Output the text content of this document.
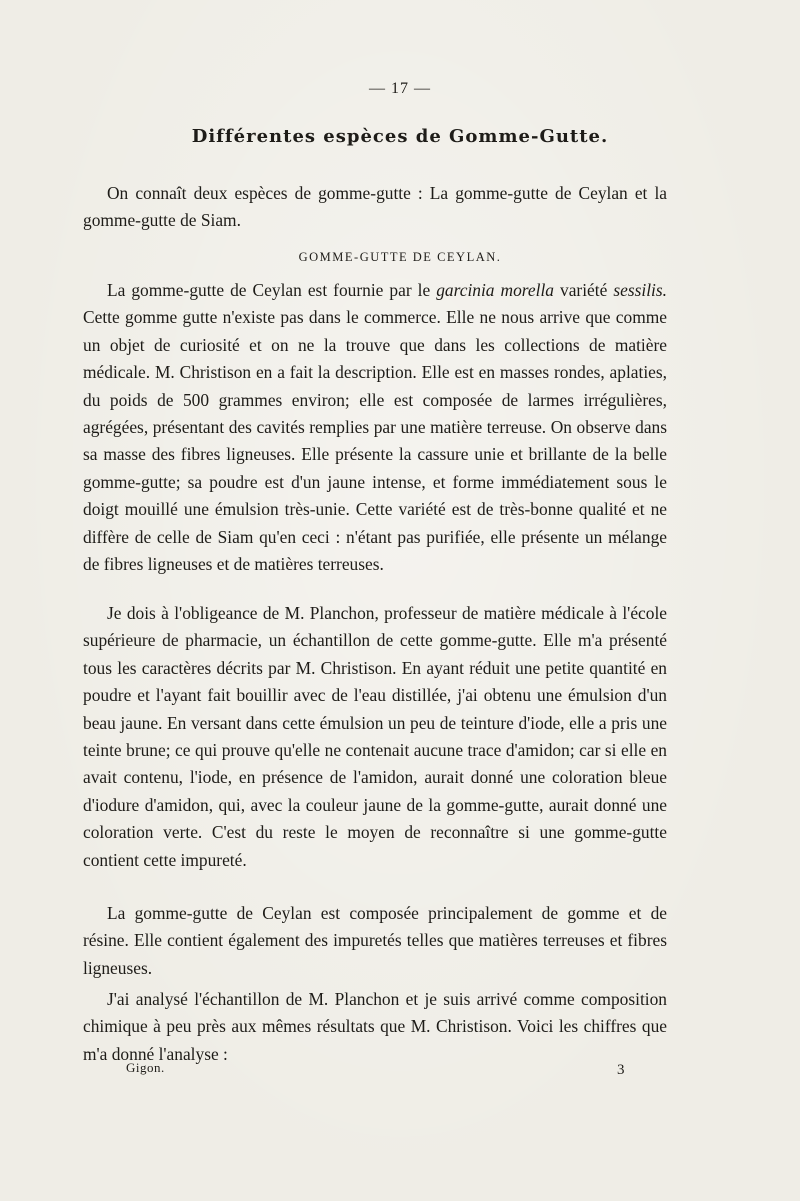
— 17 —
Différentes espèces de Gomme-Gutte.

On connaît deux espèces de gomme-gutte : La gomme-gutte de Ceylan et la gomme-gutte de Siam.

GOMME-GUTTE DE CEYLAN.

La gomme-gutte de Ceylan est fournie par le garcinia morella variété sessilis. Cette gomme gutte n'existe pas dans le commerce. Elle ne nous arrive que comme un objet de curiosité et on ne la trouve que dans les collections de matière médicale. M. Christison en a fait la description. Elle est en masses rondes, aplaties, du poids de 500 grammes environ; elle est composée de larmes irrégulières, agrégées, présentant des cavités remplies par une matière terreuse. On observe dans sa masse des fibres ligneuses. Elle présente la cassure unie et brillante de la belle gomme-gutte; sa poudre est d'un jaune intense, et forme immédiatement sous le doigt mouillé une émulsion très-unie. Cette variété est de très-bonne qualité et ne diffère de celle de Siam qu'en ceci : n'étant pas purifiée, elle présente un mélange de fibres ligneuses et de matières terreuses.

Je dois à l'obligeance de M. Planchon, professeur de matière médicale à l'école supérieure de pharmacie, un échantillon de cette gomme-gutte. Elle m'a présenté tous les caractères décrits par M. Christison. En ayant réduit une petite quantité en poudre et l'ayant fait bouillir avec de l'eau distillée, j'ai obtenu une émulsion d'un beau jaune. En versant dans cette émulsion un peu de teinture d'iode, elle a pris une teinte brune; ce qui prouve qu'elle ne contenait aucune trace d'amidon; car si elle en avait contenu, l'iode, en présence de l'amidon, aurait donné une coloration bleue d'iodure d'amidon, qui, avec la couleur jaune de la gomme-gutte, aurait donné une coloration verte. C'est du reste le moyen de reconnaître si une gomme-gutte contient cette impureté.

La gomme-gutte de Ceylan est composée principalement de gomme et de résine. Elle contient également des impuretés telles que matières terreuses et fibres ligneuses.

J'ai analysé l'échantillon de M. Planchon et je suis arrivé comme composition chimique à peu près aux mêmes résultats que M. Christison. Voici les chiffres que m'a donné l'analyse :

Gigon.	3
